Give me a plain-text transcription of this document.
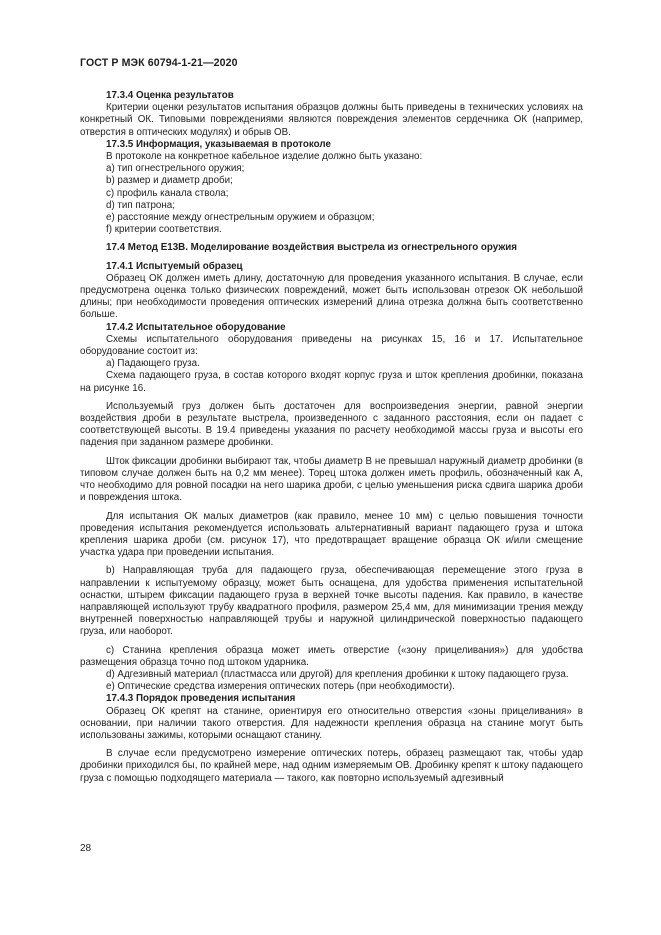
ГОСТ Р МЭК 60794-1-21—2020

17.3.4 Оценка результатов

Критерии оценки результатов испытания образцов должны быть приведены в технических условиях на конкретный ОК. Типовыми повреждениями являются повреждения элементов сердечника ОК (например, отверстия в оптических модулях) и обрыв ОВ.

17.3.5 Информация, указываемая в протоколе

В протоколе на конкретное кабельное изделие должно быть указано:

a) тип огнестрельного оружия;

b) размер и диаметр дроби;

c) профиль канала ствола;

d) тип патрона;

e) расстояние между огнестрельным оружием и образцом;

f) критерии соответствия.

17.4 Метод E13B. Моделирование воздействия выстрела из огнестрельного оружия

17.4.1 Испытуемый образец

Образец ОК должен иметь длину, достаточную для проведения указанного испытания. В случае, если предусмотрена оценка только физических повреждений, может быть использован отрезок ОК небольшой длины; при необходимости проведения оптических измерений длина отрезка должна быть соответственно больше.

17.4.2 Испытательное оборудование

Схемы испытательного оборудования приведены на рисунках 15, 16 и 17. Испытательное оборудование состоит из:

a) Падающего груза.

Схема падающего груза, в состав которого входят корпус груза и шток крепления дробинки, показана на рисунке 16.

Используемый груз должен быть достаточен для воспроизведения энергии, равной энергии воздействия дроби в результате выстрела, произведенного с заданного расстояния, если он падает с соответствующей высоты. В 19.4 приведены указания по расчету необходимой массы груза и высоты его падения при заданном размере дробинки.

Шток фиксации дробинки выбирают так, чтобы диаметр B не превышал наружный диаметр дробинки (в типовом случае должен быть на 0,2 мм менее). Торец штока должен иметь профиль, обозначенный как A, что необходимо для ровной посадки на него шарика дроби, с целью уменьшения риска сдвига шарика дроби и повреждения штока.

Для испытания ОК малых диаметров (как правило, менее 10 мм) с целью повышения точности проведения испытания рекомендуется использовать альтернативный вариант падающего груза и штока крепления шарика дроби (см. рисунок 17), что предотвращает вращение образца ОК и/или смещение участка удара при проведении испытания.

b) Направляющая труба для падающего груза, обеспечивающая перемещение этого груза в направлении к испытуемому образцу, может быть оснащена, для удобства применения испытательной оснастки, штырем фиксации падающего груза в верхней точке высоты падения. Как правило, в качестве направляющей используют трубу квадратного профиля, размером 25,4 мм, для минимизации трения между внутренней поверхностью направляющей трубы и наружной цилиндрической поверхностью падающего груза, или наоборот.

c) Станина крепления образца может иметь отверстие («зону прицеливания») для удобства размещения образца точно под штоком ударника.

d) Адгезивный материал (пластмасса или другой) для крепления дробинки к штоку падающего груза.

e) Оптические средства измерения оптических потерь (при необходимости).

17.4.3 Порядок проведения испытания

Образец ОК крепят на станине, ориентируя его относительно отверстия «зоны прицеливания» в основании, при наличии такого отверстия. Для надежности крепления образца на станине могут быть использованы зажимы, которыми оснащают станину.

В случае если предусмотрено измерение оптических потерь, образец размещают так, чтобы удар дробинки приходился бы, по крайней мере, над одним измеряемым ОВ. Дробинку крепят к штоку падающего груза с помощью подходящего материала — такого, как повторно используемый адгезивный

28
